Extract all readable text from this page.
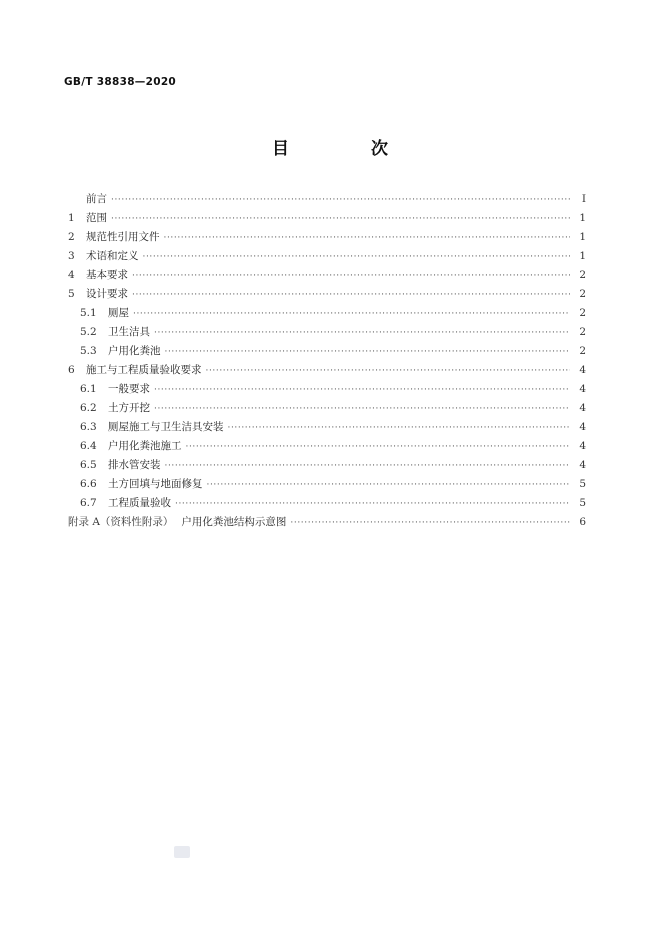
GB/T 38838—2020
目 次
前言 ·····	I
1	范围 ·····	1
2	规范性引用文件 ·····	1
3	术语和定义 ·····	1
4	基本要求 ·····	2
5	设计要求 ·····	2
5.1	厕屋 ·····	2
5.2	卫生洁具 ·····	2
5.3	户用化粪池 ·····	2
6	施工与工程质量验收要求 ·····	4
6.1	一般要求 ·····	4
6.2	土方开挖 ·····	4
6.3	厕屋施工与卫生洁具安装 ·····	4
6.4	户用化粪池施工 ·····	4
6.5	排水管安装 ·····	4
6.6	土方回填与地面修复 ·····	5
6.7	工程质量验收 ·····	5
附录 A（资料性附录） 户用化粪池结构示意图 ·····	6
